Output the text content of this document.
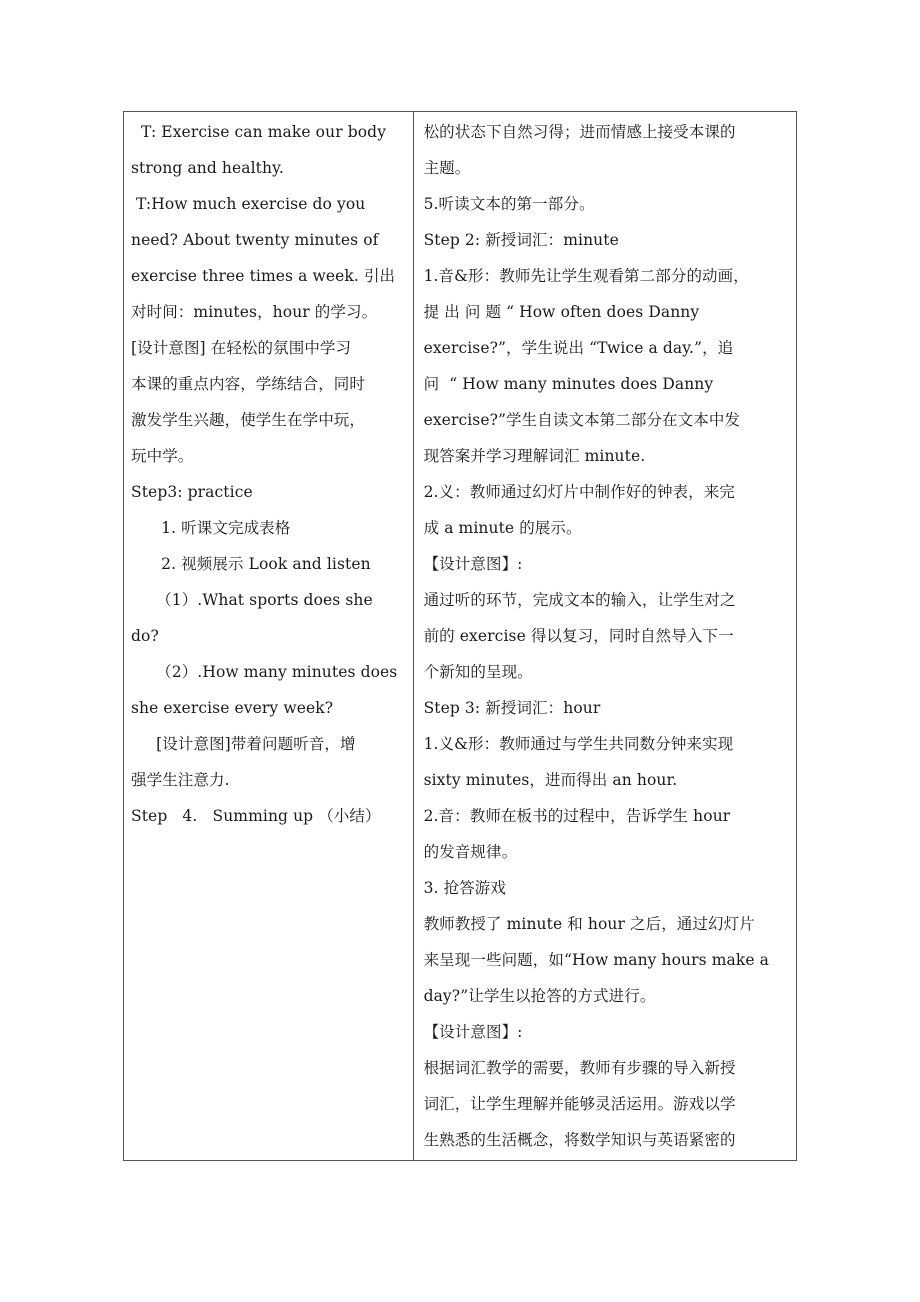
T: Exercise can make our body
strong and healthy.
T:How much exercise do you
need? About twenty minutes of
exercise three times a week. 引出
对时间：minutes，hour 的学习。
[设计意图] 在轻松的氛围中学习
本课的重点内容，学练结合，同时
激发学生兴趣，使学生在学中玩，
玩中学。
Step3: practice
1. 听课文完成表格
2. 视频展示 Look and listen
（1）.What sports does she
do?
（2）.How many minutes does
she exercise every week?
[设计意图]带着问题听音，增
强学生注意力.
Step   4.   Summing up （小结）
松的状态下自然习得；进而情感上接受本课的
主题。
5.听读文本的第一部分。
Step 2: 新授词汇：minute
1.音&形：教师先让学生观看第二部分的动画，
提 出 问 题 “ How often does Danny
exercise?”，学生说出 “Twice a day.”，追
问  “ How many minutes does Danny
exercise?”学生自读文本第二部分在文本中发
现答案并学习理解词汇 minute.
2.义：教师通过幻灯片中制作好的钟表，来完
成 a minute 的展示。
【设计意图】:
通过听的环节，完成文本的输入，让学生对之
前的 exercise 得以复习，同时自然导入下一
个新知的呈现。
Step 3: 新授词汇：hour
1.义&形：教师通过与学生共同数分钟来实现
sixty minutes，进而得出 an hour.
2.音：教师在板书的过程中，告诉学生 hour
的发音规律。
3. 抢答游戏
教师教授了 minute 和 hour 之后，通过幻灯片
来呈现一些问题，如“How many hours make a
day?”让学生以抢答的方式进行。
【设计意图】:
根据词汇教学的需要，教师有步骤的导入新授
词汇，让学生理解并能够灵活运用。游戏以学
生熟悉的生活概念，将数学知识与英语紧密的
